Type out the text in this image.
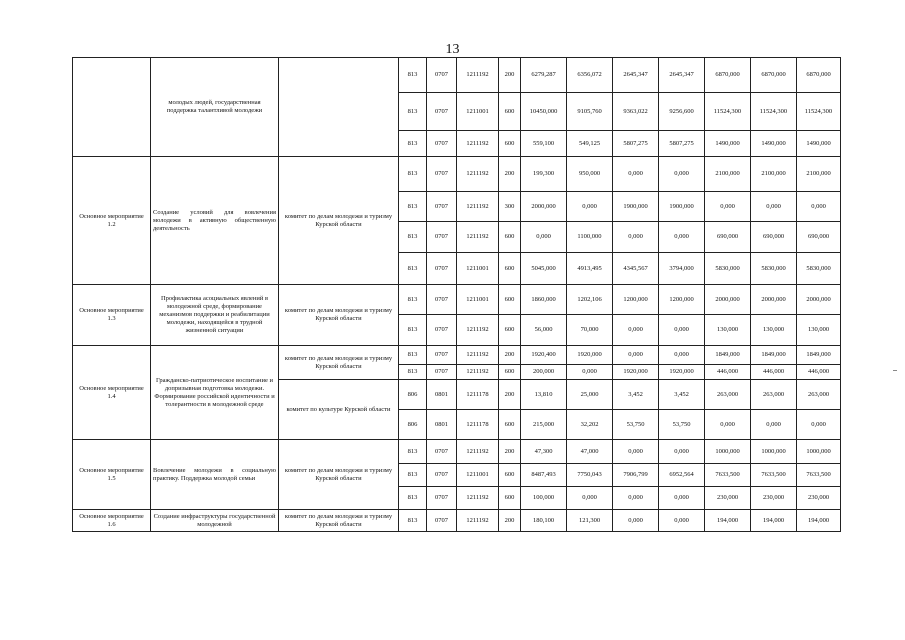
13
	молодых людей, государственная поддержка талантливой молодежи		813	0707	1211192	200	6279,287	6356,072	2645,347	2645,347	6870,000	6870,000	6870,000
			813	0707	1211001	600	10450,000	9105,760	9363,022	9256,600	11524,300	11524,300	11524,300
			813	0707	1211192	600	559,100	549,125	5807,275	5807,275	1490,000	1490,000	1490,000
Основное мероприятие 1.2	Создание условий для вовлечения молодежи в активную общественную деятельность	комитет по делам молодежи и туризму Курской области	813	0707	1211192	200	199,300	950,000	0,000	0,000	2100,000	2100,000	2100,000
			813	0707	1211192	300	2000,000	0,000	1900,000	1900,000	0,000	0,000	0,000
			813	0707	1211192	600	0,000	1100,000	0,000	0,000	690,000	690,000	690,000
			813	0707	1211001	600	5045,000	4913,495	4345,567	3794,000	5830,000	5830,000	5830,000
Основное мероприятие 1.3	Профилактика асоциальных явлений в молодежной среде, формирование механизмов поддержки и реабилитации молодежи, находящейся в трудной жизненной ситуации	комитет по делам молодежи и туризму Курской области	813	0707	1211001	600	1860,000	1202,106	1200,000	1200,000	2000,000	2000,000	2000,000
			813	0707	1211192	600	56,000	70,000	0,000	0,000	130,000	130,000	130,000
Основное мероприятие 1.4	Гражданско-патриотическое воспитание и допризывная подготовка молодежи. Формирование российской идентичности и толерантности в молодежной среде	комитет по делам молодежи и туризму Курской области	813	0707	1211192	200	1920,400	1920,000	0,000	0,000	1849,000	1849,000	1849,000
			813	0707	1211192	600	200,000	0,000	1920,000	1920,000	446,000	446,000	446,000
		комитет по культуре Курской области	806	0801	1211178	200	13,810	25,000	3,452	3,452	263,000	263,000	263,000
			806	0801	1211178	600	215,000	32,202	53,750	53,750	0,000	0,000	0,000
Основное мероприятие 1.5	Вовлечение молодежи в социальную практику. Поддержка молодой семьи	комитет по делам молодежи и туризму Курской области	813	0707	1211192	200	47,300	47,000	0,000	0,000	1000,000	1000,000	1000,000
			813	0707	1211001	600	8487,493	7750,043	7906,799	6952,564	7633,500	7633,500	7633,500
			813	0707	1211192	600	100,000	0,000	0,000	0,000	230,000	230,000	230,000
Основное мероприятие 1.6	Создание инфраструктуры государственной молодежной	комитет по делам молодежи и туризму Курской области	813	0707	1211192	200	180,100	121,300	0,000	0,000	194,000	194,000	194,000
